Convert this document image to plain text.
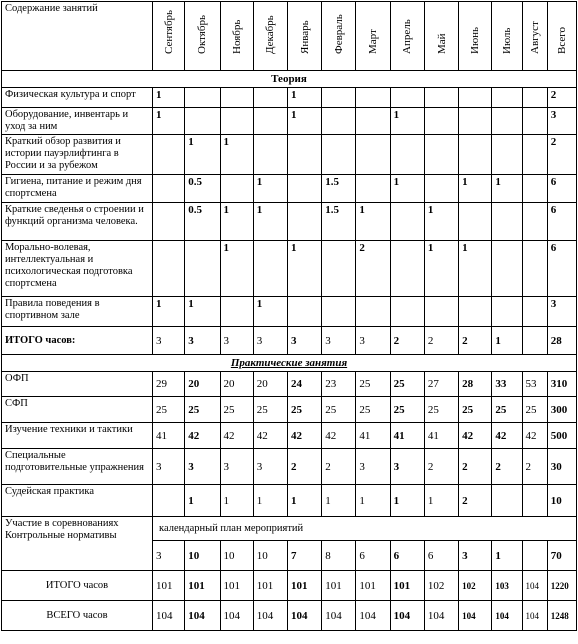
Содержание занятий	Сентябрь	Октябрь	Ноябрь	Декабрь	Январь	Февраль	Март	Апрель	Май	Июнь	Июль	Август	Всего

Теория													
Физическая культура и спорт	1				1								2
Оборудование, инвентарь и уход за ним	1				1			1					3
Краткий обзор развития и истории пауэрлифтинга в России и за рубежом		1	1										2
Гигиена, питание и режим дня спортсмена		0.5		1		1.5		1		1	1		6
Краткие сведенья о строении и функций организма человека.		0.5	1	1		1.5	1		1				6
Морально-волевая, интеллектуальная и психологическая подготовка спортсмена			1		1		2		1	1			6
Правила поведения в спортивном зале	1	1		1									3

ИТОГО часов:	3	3	3	3	3	3	3	2	2	2	1		28
Практические занятия													
ОФП	29	20	20	20	24	23	25	25	27	28	33	53	310
СФП	25	25	25	25	25	25	25	25	25	25	25	25	300
Изучение техники и тактики	41	42	42	42	42	42	41	41	41	42	42	42	500
Специальные подготовительные упражнения	3	3	3	3	2	2	3	3	2	2	2	2	30
Судейская практика		1	1	1	1	1	1	1	1	2			10
Участие в соревнованиях Контрольные нормативы	календарный план мероприятий												
	3	10	10	10	7	8	6	6	6	3	1		70
ИТОГО часов	101	101	101	101	101	101	101	101	102	102	103	104	1220
ВСЕГО часов	104	104	104	104	104	104	104	104	104	104	104	104	1248
